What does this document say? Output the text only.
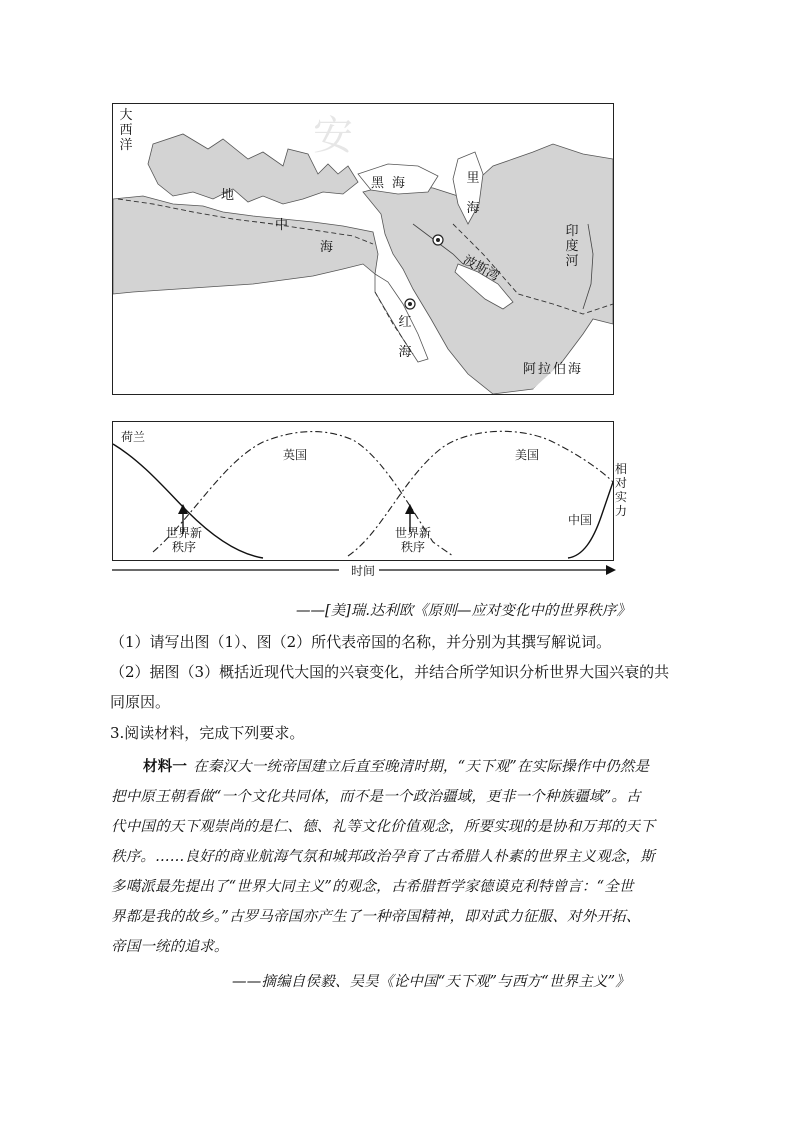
安
大西洋
地
中
海
黑海	里海
印度河
波斯湾
红海
阿拉伯海
荷兰
英国	美国
中国
世界新秩序
世界新秩序
相对实力
时间
——[美]瑞.达利欧《原则—应对变化中的世界秩序》
（1）请写出图（1）、图（2）所代表帝国的名称，并分别为其撰写解说词。
（2）据图（3）概括近现代大国的兴衰变化，并结合所学知识分析世界大国兴衰的共
同原因。
3.阅读材料，完成下列要求。
材料一 在秦汉大一统帝国建立后直至晚清时期，“天下观”在实际操作中仍然是
把中原王朝看做“一个文化共同体，而不是一个政治疆域，更非一个种族疆域”。古
代中国的天下观崇尚的是仁、德、礼等文化价值观念，所要实现的是协和万邦的天下
秩序。……良好的商业航海气氛和城邦政治孕育了古希腊人朴素的世界主义观念，斯
多噶派最先提出了“世界大同主义”的观念，古希腊哲学家德谟克利特曾言：“全世
界都是我的故乡。”古罗马帝国亦产生了一种帝国精神，即对武力征服、对外开拓、
帝国一统的追求。
——摘编自侯毅、吴昊《论中国“天下观”与西方“世界主义”》
